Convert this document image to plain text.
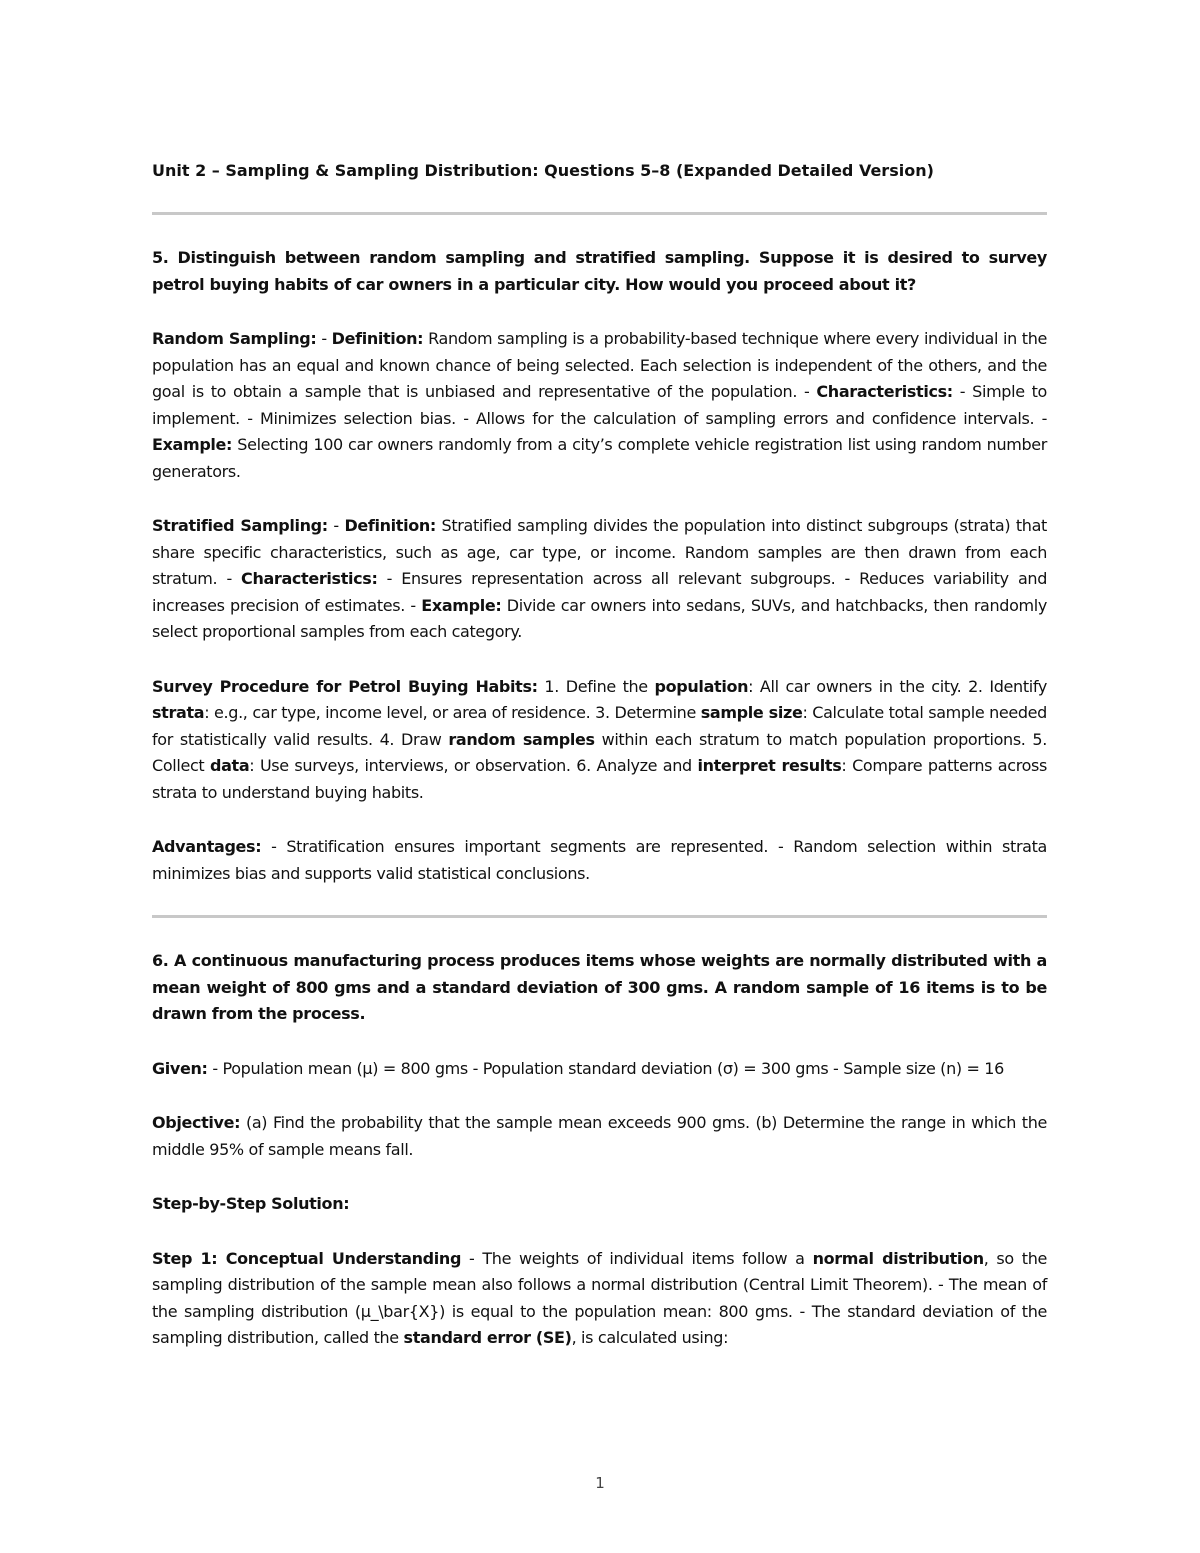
Unit 2 – Sampling & Sampling Distribution: Questions 5–8 (Expanded Detailed Version)

5. Distinguish between random sampling and stratified sampling. Suppose it is desired to survey petrol buying habits of car owners in a particular city. How would you proceed about it?

Random Sampling: - Definition: Random sampling is a probability-based technique where every individual in the population has an equal and known chance of being selected. Each selection is independent of the others, and the goal is to obtain a sample that is unbiased and representative of the population. - Characteristics: - Simple to implement. - Minimizes selection bias. - Allows for the calculation of sampling errors and confidence intervals. - Example: Selecting 100 car owners randomly from a city’s complete vehicle registration list using random number generators.

Stratified Sampling: - Definition: Stratified sampling divides the population into distinct subgroups (strata) that share specific characteristics, such as age, car type, or income. Random samples are then drawn from each stratum. - Characteristics: - Ensures representation across all relevant subgroups. - Reduces variability and increases precision of estimates. - Example: Divide car owners into sedans, SUVs, and hatchbacks, then randomly select proportional samples from each category.

Survey Procedure for Petrol Buying Habits: 1. Define the population: All car owners in the city. 2. Identify strata: e.g., car type, income level, or area of residence. 3. Determine sample size: Calculate total sample needed for statistically valid results. 4. Draw random samples within each stratum to match population proportions. 5. Collect data: Use surveys, interviews, or observation. 6. Analyze and interpret results: Compare patterns across strata to understand buying habits.

Advantages: - Stratification ensures important segments are represented. - Random selection within strata minimizes bias and supports valid statistical conclusions.

6. A continuous manufacturing process produces items whose weights are normally distributed with a mean weight of 800 gms and a standard deviation of 300 gms. A random sample of 16 items is to be drawn from the process.

Given: - Population mean (μ) = 800 gms - Population standard deviation (σ) = 300 gms - Sample size (n) = 16

Objective: (a) Find the probability that the sample mean exceeds 900 gms. (b) Determine the range in which the middle 95% of sample means fall.

Step-by-Step Solution:

Step 1: Conceptual Understanding - The weights of individual items follow a normal distribution, so the sampling distribution of the sample mean also follows a normal distribution (Central Limit Theorem). - The mean of the sampling distribution (μ_\bar{X}) is equal to the population mean: 800 gms. - The standard deviation of the sampling distribution, called the standard error (SE), is calculated using:

1
